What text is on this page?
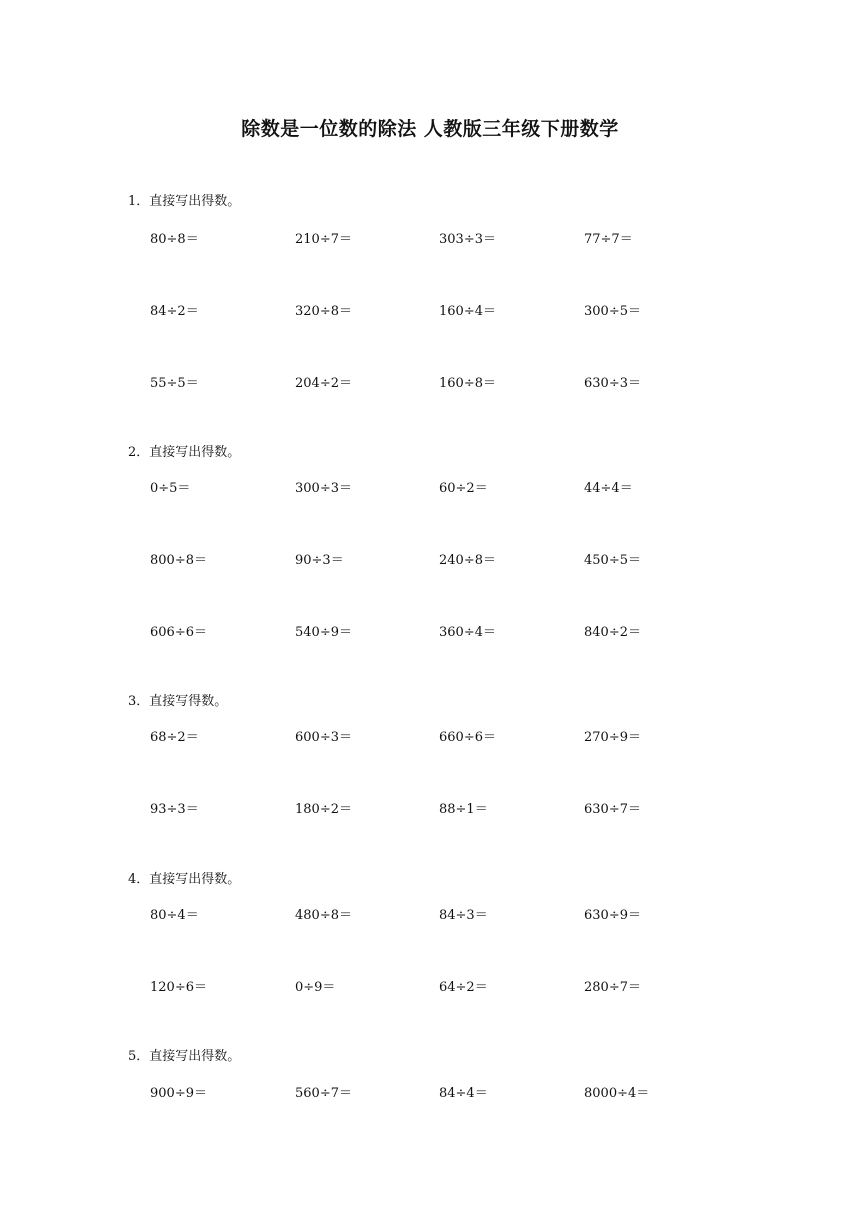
除数是一位数的除法 人教版三年级下册数学
1．直接写出得数。
80÷8＝	210÷7＝	303÷3＝	77÷7＝
84÷2＝	320÷8＝	160÷4＝	300÷5＝
55÷5＝	204÷2＝	160÷8＝	630÷3＝
2．直接写出得数。
0÷5＝	300÷3＝	60÷2＝	44÷4＝
800÷8＝	90÷3＝	240÷8＝	450÷5＝
606÷6＝	540÷9＝	360÷4＝	840÷2＝
3．直接写得数。
68÷2＝	600÷3＝	660÷6＝	270÷9＝
93÷3＝	180÷2＝	88÷1＝	630÷7＝
4．直接写出得数。
80÷4＝	480÷8＝	84÷3＝	630÷9＝
120÷6＝	0÷9＝	64÷2＝	280÷7＝
5．直接写出得数。
900÷9＝	560÷7＝	84÷4＝	8000÷4＝
